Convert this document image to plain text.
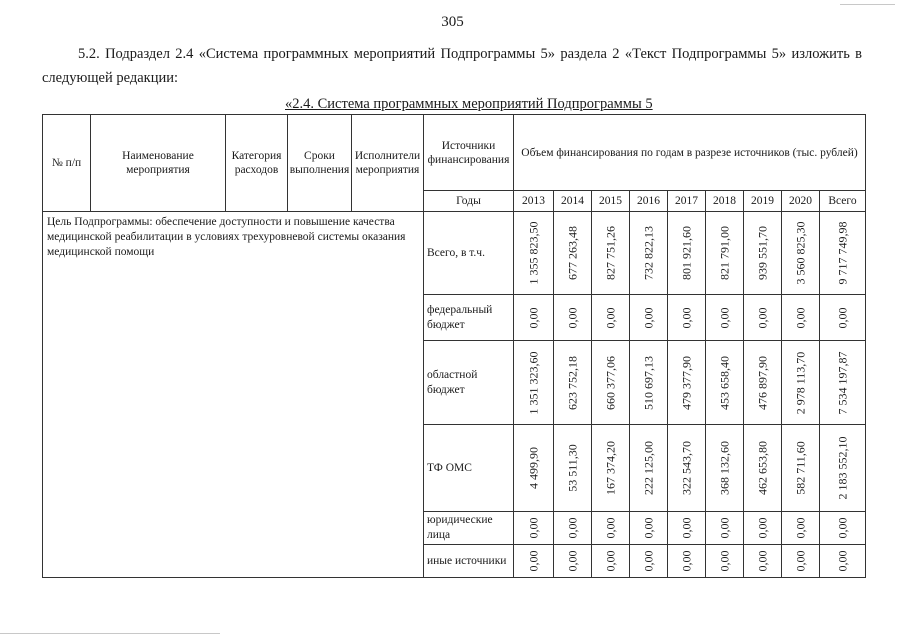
305
5.2. Подраздел 2.4 «Система программных мероприятий Подпрограммы 5» раздела 2 «Текст Подпрограммы 5» изложить в следующей редакции:
«2.4. Система программных мероприятий Подпрограммы 5
№ п/п	Наименование мероприятия	Категория расходов	Сроки выполнения	Исполнители мероприятия	Источники финансирования	Объем финансирования по годам в разрезе источников (тыс. рублей)								
					Годы	2013	2014	2015	2016	2017	2018	2019	2020	Всего
Цель Подпрограммы: обеспечение доступности и повышение качества медицинской реабилитации в условиях трехуровневой системы оказания медицинской помощи					Всего, в т.ч.	1 355 823,50	677 263,48	827 751,26	732 822,13	801 921,60	821 791,00	939 551,70	3 560 825,30	9 717 749,98

					федеральный бюджет	0,00	0,00	0,00	0,00	0,00	0,00	0,00	0,00	0,00

					областной бюджет	1 351 323,60	623 752,18	660 377,06	510 697,13	479 377,90	453 658,40	476 897,90	2 978 113,70	7 534 197,87

					ТФ ОМС	4 499,90	53 511,30	167 374,20	222 125,00	322 543,70	368 132,60	462 653,80	582 711,60	2 183 552,10

					юридические лица	0,00	0,00	0,00	0,00	0,00	0,00	0,00	0,00	0,00

					иные источники	0,00	0,00	0,00	0,00	0,00	0,00	0,00	0,00	0,00
